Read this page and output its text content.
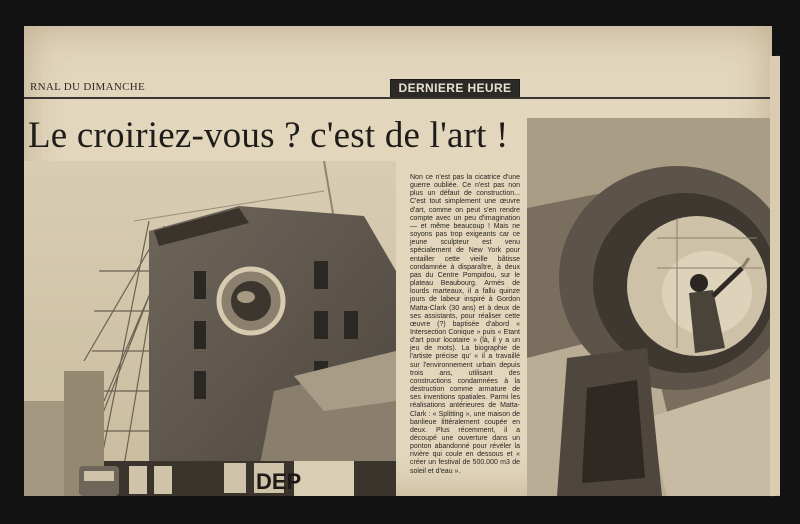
RNAL DU DIMANCHE	DERNIERE HEURE
Le croiriez-vous ? c'est de l'art !
DEP
Non ce n'est pas la cicatrice d'une guerre oubliée. Ce n'est pas non plus un défaut de construction... C'est tout simplement une œuvre d'art, comme on peut s'en rendre compte avec un peu d'imagination — et même beaucoup ! Mais ne soyons pas trop exigeants car ce jeune sculpteur est venu spécialement de New York pour entailler cette vieille bâtisse condamnée à disparaître, à deux pas du Centre Pompidou, sur le plateau Beaubourg. Armés de lourds marteaux, il a fallu quinze jours de labeur inspiré à Gordon Matta-Clark (30 ans) et à deux de ses assistants, pour réaliser cette œuvre (?) baptisée d'abord « Intersection Conique » puis « Etant d'art pour locataire » (là, il y a un jeu de mots). La biographie de l'artiste précise qu' « il a travaillé sur l'environnement urbain depuis trois ans, utilisant des constructions condamnées à la destruction comme armature de ses inventions spatiales. Parmi les réalisations antérieures de Matta-Clark : « Splitting », une maison de banlieue littéralement coupée en deux. Plus récemment, il a découpé une ouverture dans un ponton abandonné pour révéler la rivière qui coule en dessous et « créer un festival de 500.000 m3 de soleil et d'eau ».
